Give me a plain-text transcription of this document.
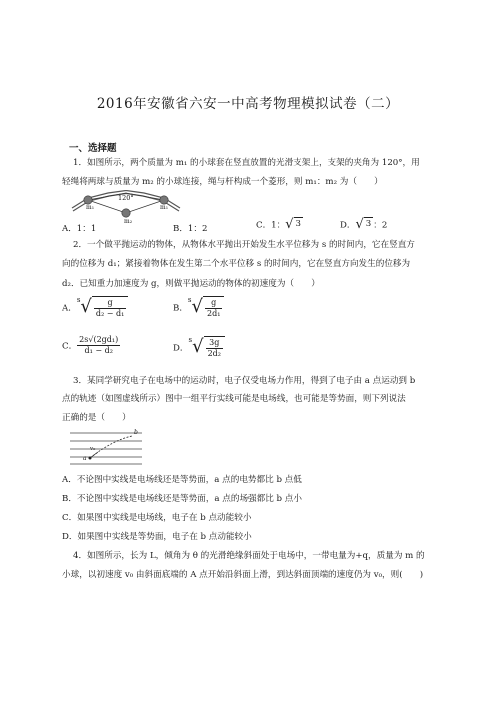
2016年安徽省六安一中高考物理模拟试卷（二）
一、选择题
1．如图所示，两个质量为 m₁ 的小球套在竖直放置的光滑支架上，支架的夹角为 120°，用
轻绳将两球与质量为 m₂ 的小球连接，绳与杆构成一个菱形，则 m₁：m₂ 为（　　）
120°
m₁	m₁
m₂
A．1：1	B．1：2	C．1： √ 3	D． √ 3 ：2
2．一个做平抛运动的物体，从物体水平抛出开始发生水平位移为 s 的时间内，它在竖直方
向的位移为 d₁；紧接着物体在发生第二个水平位移 s 的时间内，它在竖直方向发生的位移为
d₂．已知重力加速度为 g，则做平抛运动的物体的初速度为（　　）
A．$^s$ √ $\frac{g}{\text{d₂ − d₁}}$	B．$^s$ √ $\frac{g}{\text{2d₁}}$
C． $\frac{\text{2s√(2gd₁)}}{\text{d₁ − d₂}}$	D．$^s$ √ $\frac{3g}{\text{2d₂}}$
3．某同学研究电子在电场中的运动时，电子仅受电场力作用，得到了电子由 a 点运动到 b
点的轨迹（如图虚线所示）图中一组平行实线可能是电场线，也可能是等势面，则下列说法
正确的是（　　）
v₀
a
b
A．不论图中实线是电场线还是等势面，a 点的电势都比 b 点低
B．不论图中实线是电场线还是等势面，a 点的场强都比 b 点小
C．如果图中实线是电场线，电子在 b 点动能较小
D．如果图中实线是等势面，电子在 b 点动能较小
4．如图所示，长为 L，倾角为 θ 的光滑绝缘斜面处于电场中，一带电量为+q，质量为 m 的
小球，以初速度 v₀ 由斜面底端的 A 点开始沿斜面上滑，到达斜面顶端的速度仍为 v₀，则(　　)
